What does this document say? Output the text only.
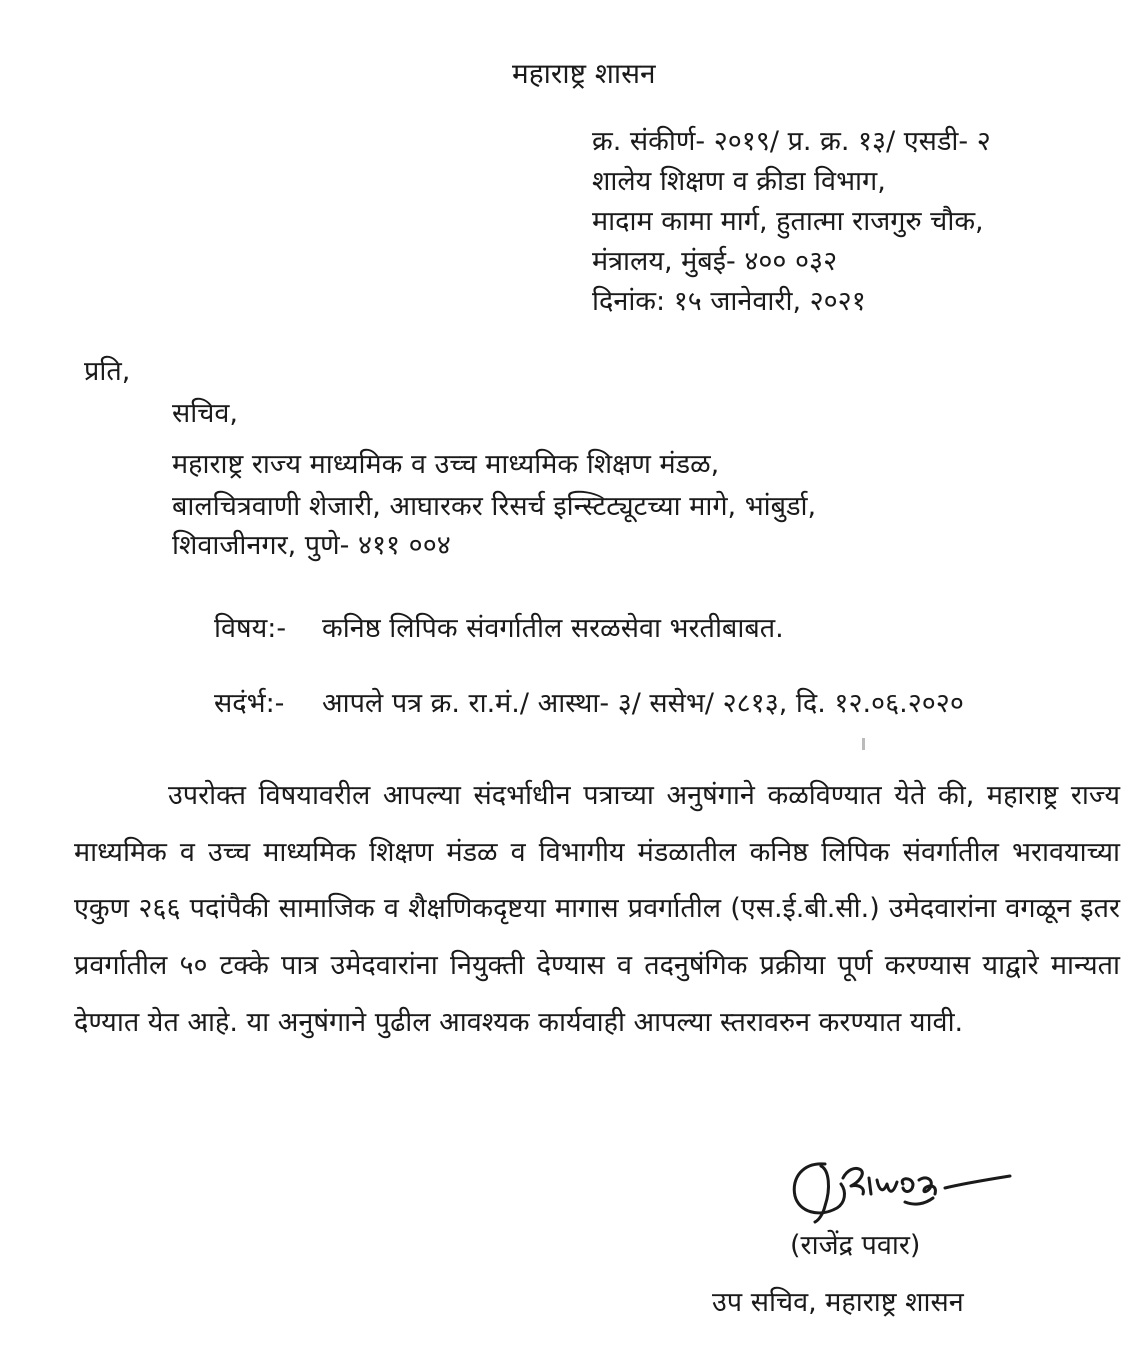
महाराष्ट्र शासन
क्र. संकीर्ण- २०१९/ प्र. क्र. १३/ एसडी- २
शालेय शिक्षण व क्रीडा विभाग,
मादाम कामा मार्ग, हुतात्मा राजगुरु चौक,
मंत्रालय, मुंबई- ४०० ०३२
दिनांक: १५ जानेवारी, २०२१
प्रति,
सचिव,
महाराष्ट्र राज्य माध्यमिक व उच्च माध्यमिक शिक्षण मंडळ,
बालचित्रवाणी शेजारी, आघारकर रिसर्च इन्स्टिट्यूटच्या मागे, भांबुर्डा,
शिवाजीनगर, पुणे- ४११ ००४
विषय:- कनिष्ठ लिपिक संवर्गातील सरळसेवा भरतीबाबत.
सदंर्भ:- आपले पत्र क्र. रा.मं./ आस्था- ३/ ससेभ/ २८१३, दि. १२.०६.२०२०

उपरोक्त विषयावरील आपल्या संदर्भाधीन पत्राच्या अनुषंगाने कळविण्यात येते की, महाराष्ट्र राज्य माध्यमिक व उच्च माध्यमिक शिक्षण मंडळ व विभागीय मंडळातील कनिष्ठ लिपिक संवर्गातील भरावयाच्या एकुण २६६ पदांपैकी सामाजिक व शैक्षणिकदृष्टया मागास प्रवर्गातील (एस.ई.बी.सी.) उमेदवारांना वगळून इतर प्रवर्गातील ५० टक्के पात्र उमेदवारांना नियुक्ती देण्यास व तदनुषंगिक प्रक्रीया पूर्ण करण्यास याद्वारे मान्यता देण्यात येत आहे. या अनुषंगाने पुढील आवश्यक कार्यवाही आपल्या स्तरावरुन करण्यात यावी.

(राजेंद्र पवार)
उप सचिव, महाराष्ट्र शासन
